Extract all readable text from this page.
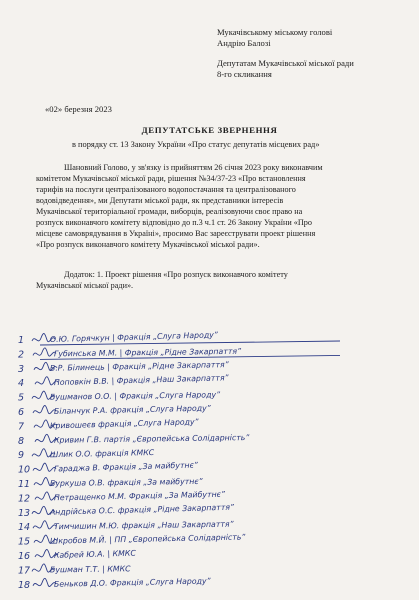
Мукачівському міському голові
Андрію Балозі
Депутатам Мукачівської міської ради
8-го скликання
«02» березня 2023
ДЕПУТАТСЬКЕ ЗВЕРНЕННЯ
в порядку ст. 13 Закону України «Про статус депутатів місцевих рад»
Шановний Голово, у зв'язку із прийняттям 26 січня 2023 року виконавчим
комітетом Мукачівської міської ради, рішення №34/37-23 «Про встановлення
тарифів на послуги централізованого водопостачання та централізованого
водовідведення», ми Депутати міської ради, як представники інтересів
Мукачівської територіальної громади, виборців, реалізовуючи своє право на
розпуск виконавчого комітету відповідно до п.3 ч.1 ст. 26 Закону України «Про
місцеве самоврядування в Україні», просимо Вас зареєструвати проект рішення
«Про розпуск виконавчого комітету Мукачівської міської ради».
Додаток: 1. Проект рішення «Про розпуск виконавчого комітету
Мукачівської міської ради».
1	О.Ю. Горячкун | Фракція „Слуга Народу”
2	Губинська М.М. | Фракція „Рідне Закарпаття”
3	В.Р. Білинець | Фракція „Рідне Закарпаття”
4	Поповкін В.В. | Фракція „Наш Закарпаття”
5	Бушманов О.О. | Фракція „Слуга Народу”
6	Біланчук Р.А. фракція „Слуга Народу”
7	Кривошеєв фракція „Слуга Народу”
8	Кривин Г.В. партія „Європейська Солідарність”
9	Шлик О.О. фракція КМКС
10	Гараджа В. Фракція „За майбутнє”
11	Буркуша О.В. фракція „За майбутнє”
12	Петращенко М.М. Фракція „За Майбутнє”
13	Андрійська О.С. фракція „Рідне Закарпаття”
14	Тимчишин М.Ю. фракція „Наш Закарпаття”
15	Шкробов М.Й. | ПП „Європейська Солідарність”
16	Кабрей Ю.А. | КМКС
17	Бушман Т.Т. | КМКС
18	Беньков Д.О. Фракція „Слуга Народу”
